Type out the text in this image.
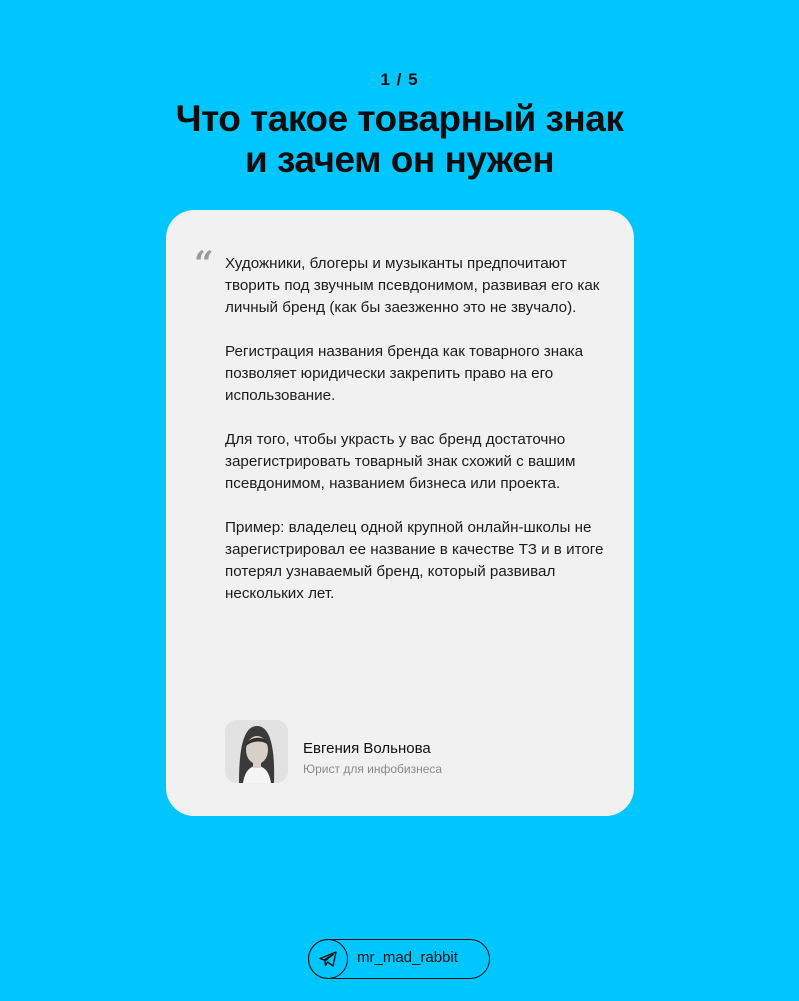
1 / 5
Что такое товарный знак
и зачем он нужен
“ Художники, блогеры и музыканты предпочитают творить под звучным псевдонимом, развивая его как личный бренд (как бы заезженно это не звучало).

Регистрация названия бренда как товарного знака позволяет юридически закрепить право на его использование.

Для того, чтобы украсть у вас бренд достаточно зарегистрировать товарный знак схожий с вашим псевдонимом, названием бизнеса или проекта.

Пример: владелец одной крупной онлайн-школы не зарегистрировал ее название в качестве ТЗ и в итоге потерял узнаваемый бренд, который развивал нескольких лет.

Евгения Вольнова
Юрист для инфобизнеса
mr_mad_rabbit
